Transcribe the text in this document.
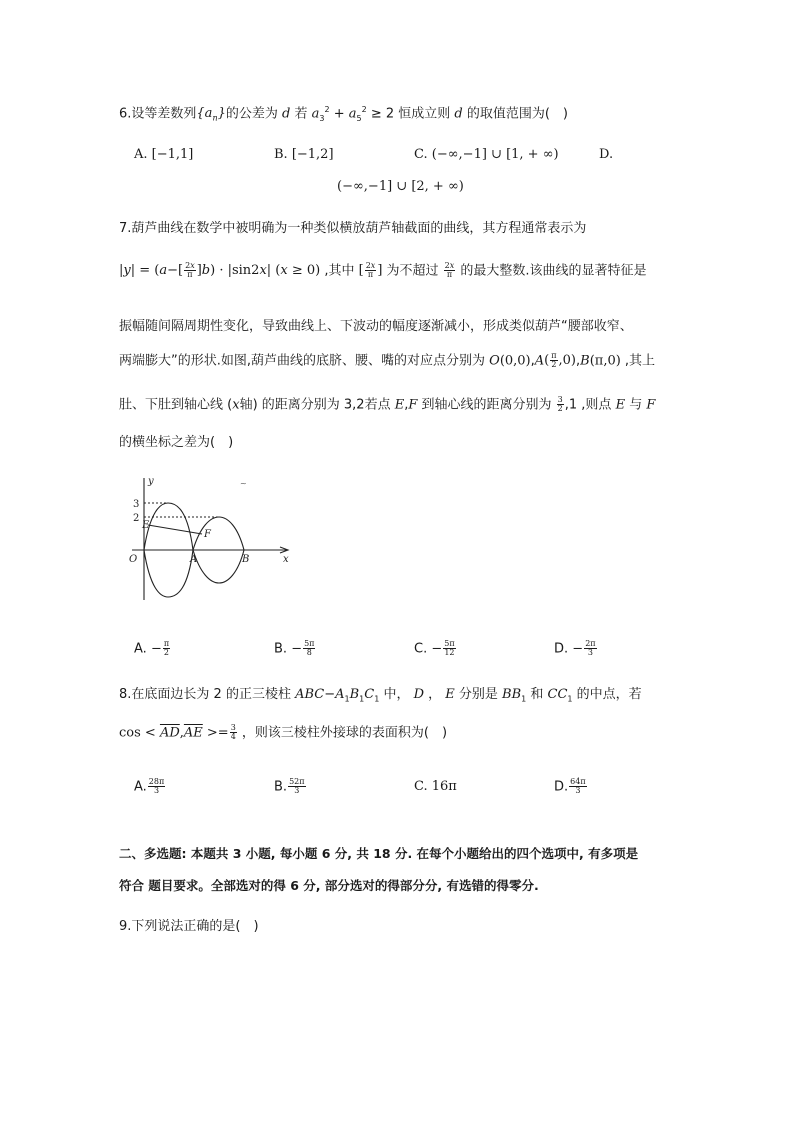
6.设等差数列$\{a_n\}$的公差为 d 若 $a_3^2 + a_5^2 \ge 2$ 恒成立则 d 的取值范围为(　)
A. [−1,1]	B. [−1,2]	C. (−∞,−1] ∪ [1, + ∞)	D.
(−∞,−1] ∪ [2, + ∞)
7.葫芦曲线在数学中被明确为一种类似横放葫芦轴截面的曲线，其方程通常表示为
$|y| = (a-[ \frac{2x}{\pi} ]b) \cdot |\sin 2x|$ (x ≥ 0) ,其中 [ $\frac{2x}{\pi}$ ] 为不超过 $\frac{2x}{\pi}$ 的最大整数.该曲线的显著特征是
振幅随间隔周期性变化，导致曲线上、下波动的幅度逐渐减小，形成类似葫芦“腰部收窄、
两端膨大”的形状.如图,葫芦曲线的底脐、腰、嘴的对应点分别为 $O(0,0),A( \frac{\pi}{2} ,0),B(\pi,0)$ ,其上
肚、下肚到轴心线 (x轴) 的距离分别为 3,2若点 E,F 到轴心线的距离分别为 $\frac{3}{2} ,1$ ,则点 E 与 F
的横坐标之差为(　)
y
x
3
2
E
F
O	A	B
~
A. − $\frac{\pi}{2}$	B. − $\frac{5\pi}{8}$	C. − $\frac{5\pi}{12}$	D. − $\frac{2\pi}{3}$
8.在底面边长为 2 的正三棱柱 $ABC-A_1B_1C_1$ 中， D ， E 分别是 $BB_1$ 和 $CC_1$ 的中点，若
$\cos < \overline{AD},\overline{AE} >= \frac{3}{4}$ ，则该三棱柱外接球的表面积为(　)
A. $\frac{28\pi}{3}$	B. $\frac{52\pi}{3}$	C. 16π	D. $\frac{64\pi}{3}$
二、多选题: 本题共 3 小题, 每小题 6 分, 共 18 分. 在每个小题给出的四个选项中, 有多项是
符合 题目要求。全部选对的得 6 分, 部分选对的得部分分, 有选错的得零分.
9.下列说法正确的是(　)
